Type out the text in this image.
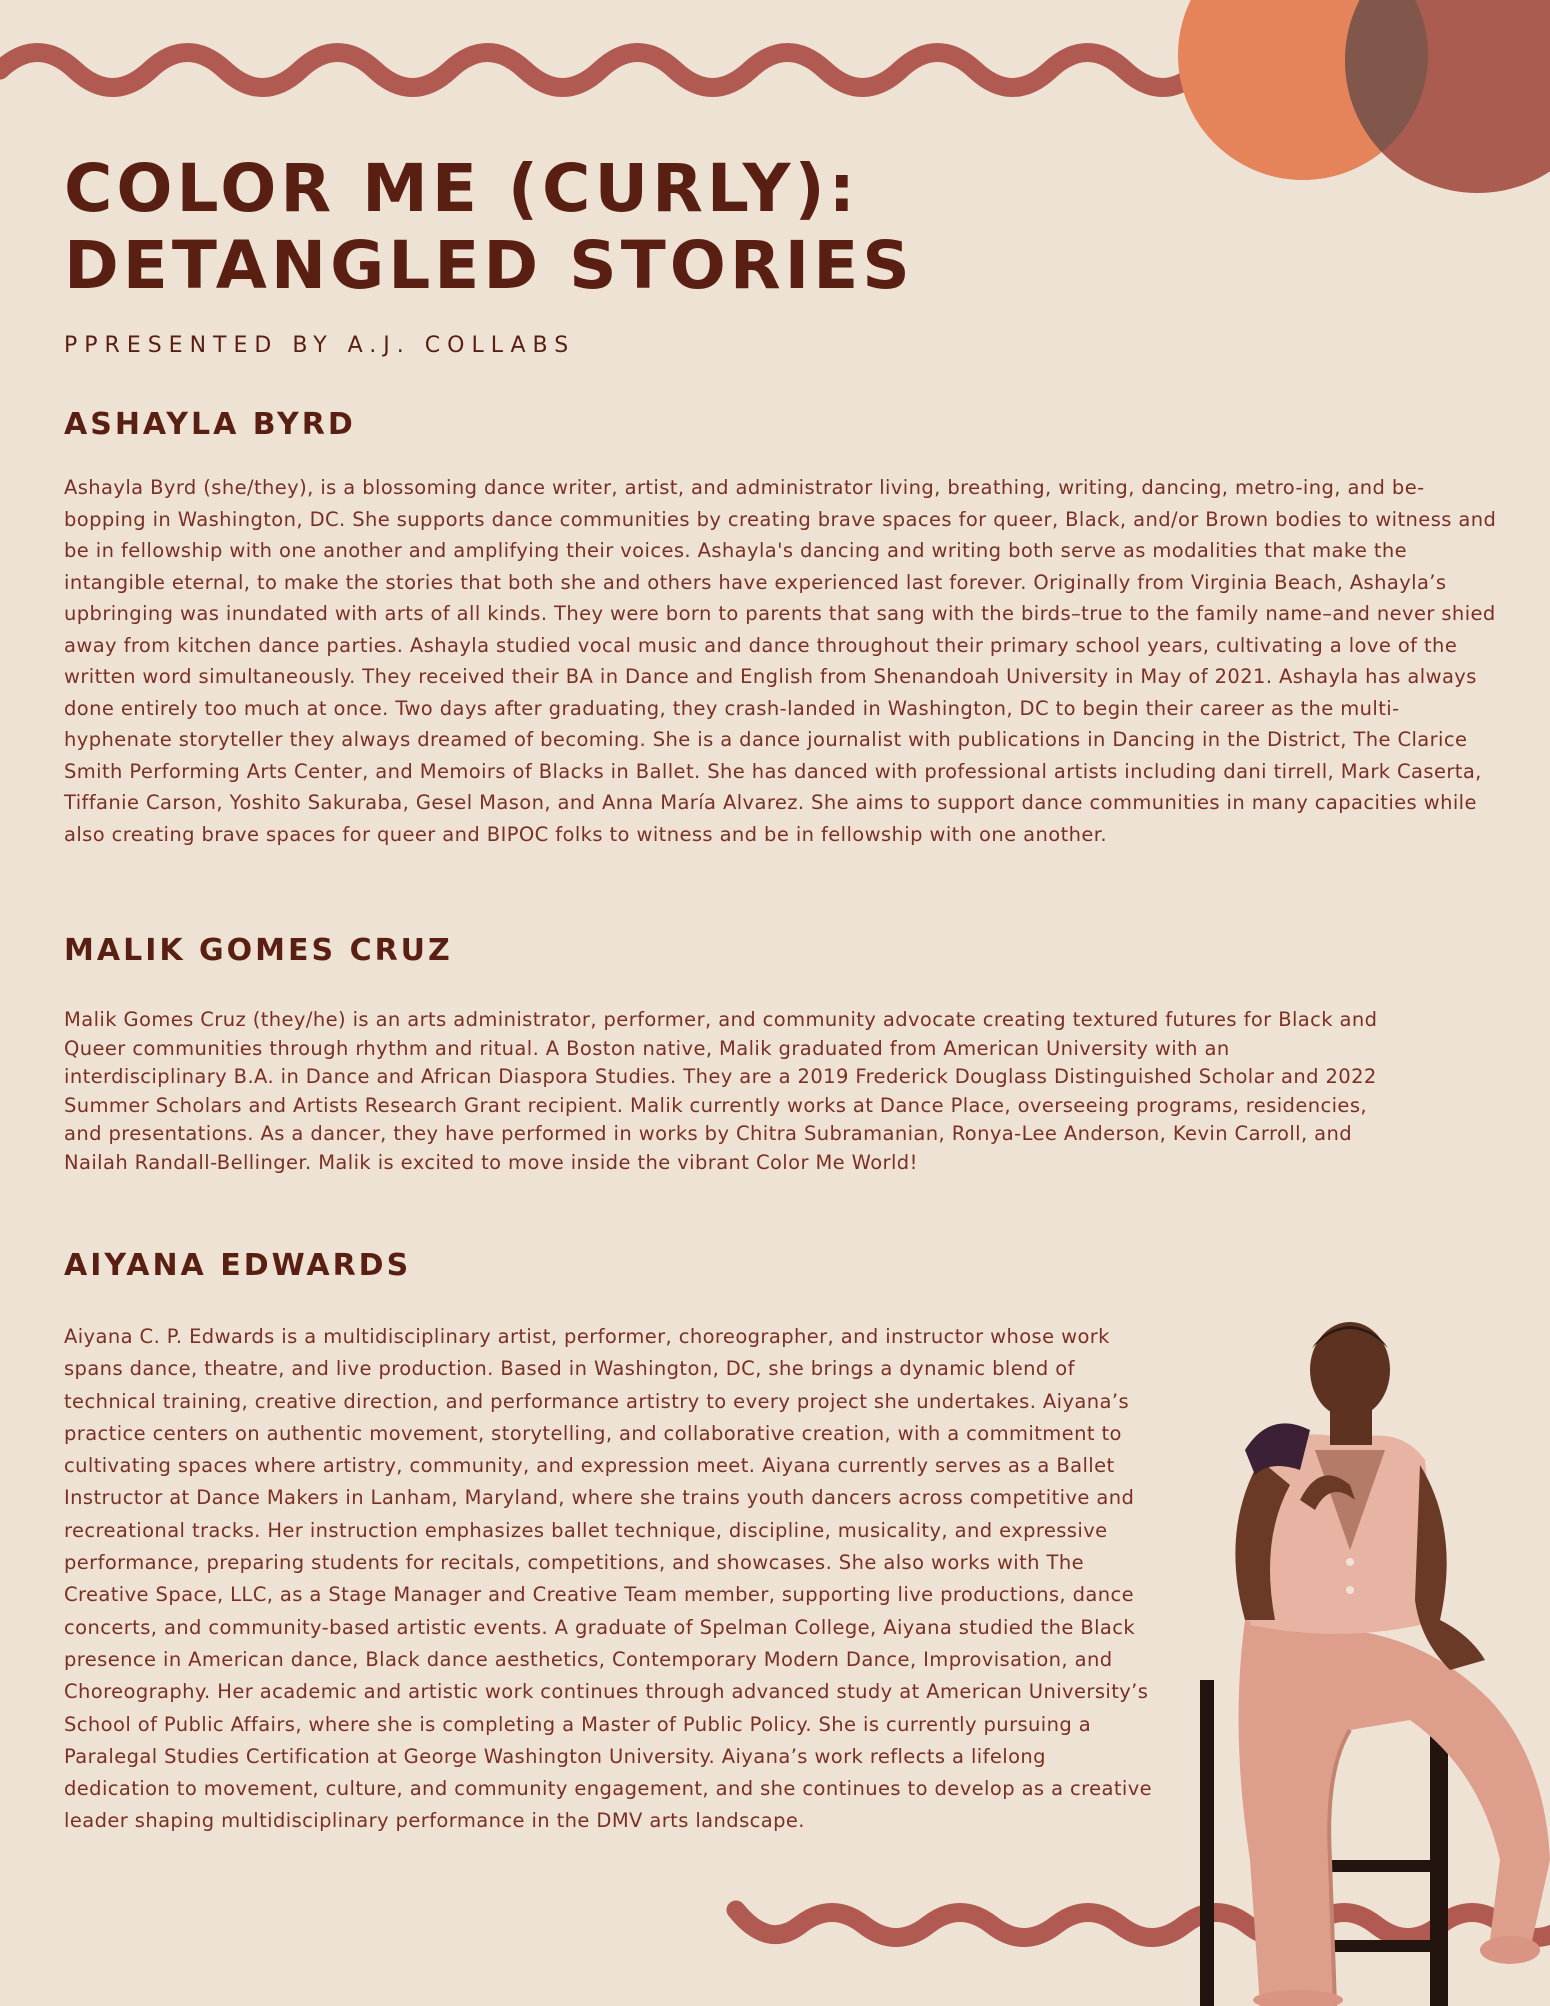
COLOR ME (CURLY):
DETANGLED STORIES
PPRESENTED BY A.J. COLLABS
ASHAYLA BYRD

Ashayla Byrd (she/they), is a blossoming dance writer, artist, and administrator living, breathing, writing, dancing, metro-ing, and be-bopping in Washington, DC. She supports dance communities by creating brave spaces for queer, Black, and/or Brown bodies to witness and be in fellowship with one another and amplifying their voices. Ashayla's dancing and writing both serve as modalities that make the intangible eternal, to make the stories that both she and others have experienced last forever. Originally from Virginia Beach, Ashayla’s upbringing was inundated with arts of all kinds. They were born to parents that sang with the birds–true to the family name–and never shied away from kitchen dance parties. Ashayla studied vocal music and dance throughout their primary school years, cultivating a love of the written word simultaneously. They received their BA in Dance and English from Shenandoah University in May of 2021. Ashayla has always done entirely too much at once. Two days after graduating, they crash-landed in Washington, DC to begin their career as the multi-hyphenate storyteller they always dreamed of becoming. She is a dance journalist with publications in Dancing in the District, The Clarice Smith Performing Arts Center, and Memoirs of Blacks in Ballet. She has danced with professional artists including dani tirrell, Mark Caserta, Tiffanie Carson, Yoshito Sakuraba, Gesel Mason, and Anna María Alvarez. She aims to support dance communities in many capacities while also creating brave spaces for queer and BIPOC folks to witness and be in fellowship with one another.

MALIK GOMES CRUZ

Malik Gomes Cruz (they/he) is an arts administrator, performer, and community advocate creating textured futures for Black and Queer communities through rhythm and ritual. A Boston native, Malik graduated from American University with an interdisciplinary B.A. in Dance and African Diaspora Studies. They are a 2019 Frederick Douglass Distinguished Scholar and 2022 Summer Scholars and Artists Research Grant recipient. Malik currently works at Dance Place, overseeing programs, residencies, and presentations. As a dancer, they have performed in works by Chitra Subramanian, Ronya-Lee Anderson, Kevin Carroll, and Nailah Randall-Bellinger. Malik is excited to move inside the vibrant Color Me World!

AIYANA EDWARDS

Aiyana C. P. Edwards is a multidisciplinary artist, performer, choreographer, and instructor whose work spans dance, theatre, and live production. Based in Washington, DC, she brings a dynamic blend of technical training, creative direction, and performance artistry to every project she undertakes. Aiyana’s practice centers on authentic movement, storytelling, and collaborative creation, with a commitment to cultivating spaces where artistry, community, and expression meet. Aiyana currently serves as a Ballet Instructor at Dance Makers in Lanham, Maryland, where she trains youth dancers across competitive and recreational tracks. Her instruction emphasizes ballet technique, discipline, musicality, and expressive performance, preparing students for recitals, competitions, and showcases. She also works with The Creative Space, LLC, as a Stage Manager and Creative Team member, supporting live productions, dance concerts, and community-based artistic events. A graduate of Spelman College, Aiyana studied the Black presence in American dance, Black dance aesthetics, Contemporary Modern Dance, Improvisation, and Choreography. Her academic and artistic work continues through advanced study at American University’s School of Public Affairs, where she is completing a Master of Public Policy. She is currently pursuing a Paralegal Studies Certification at George Washington University. Aiyana’s work reflects a lifelong dedication to movement, culture, and community engagement, and she continues to develop as a creative leader shaping multidisciplinary performance in the DMV arts landscape.
